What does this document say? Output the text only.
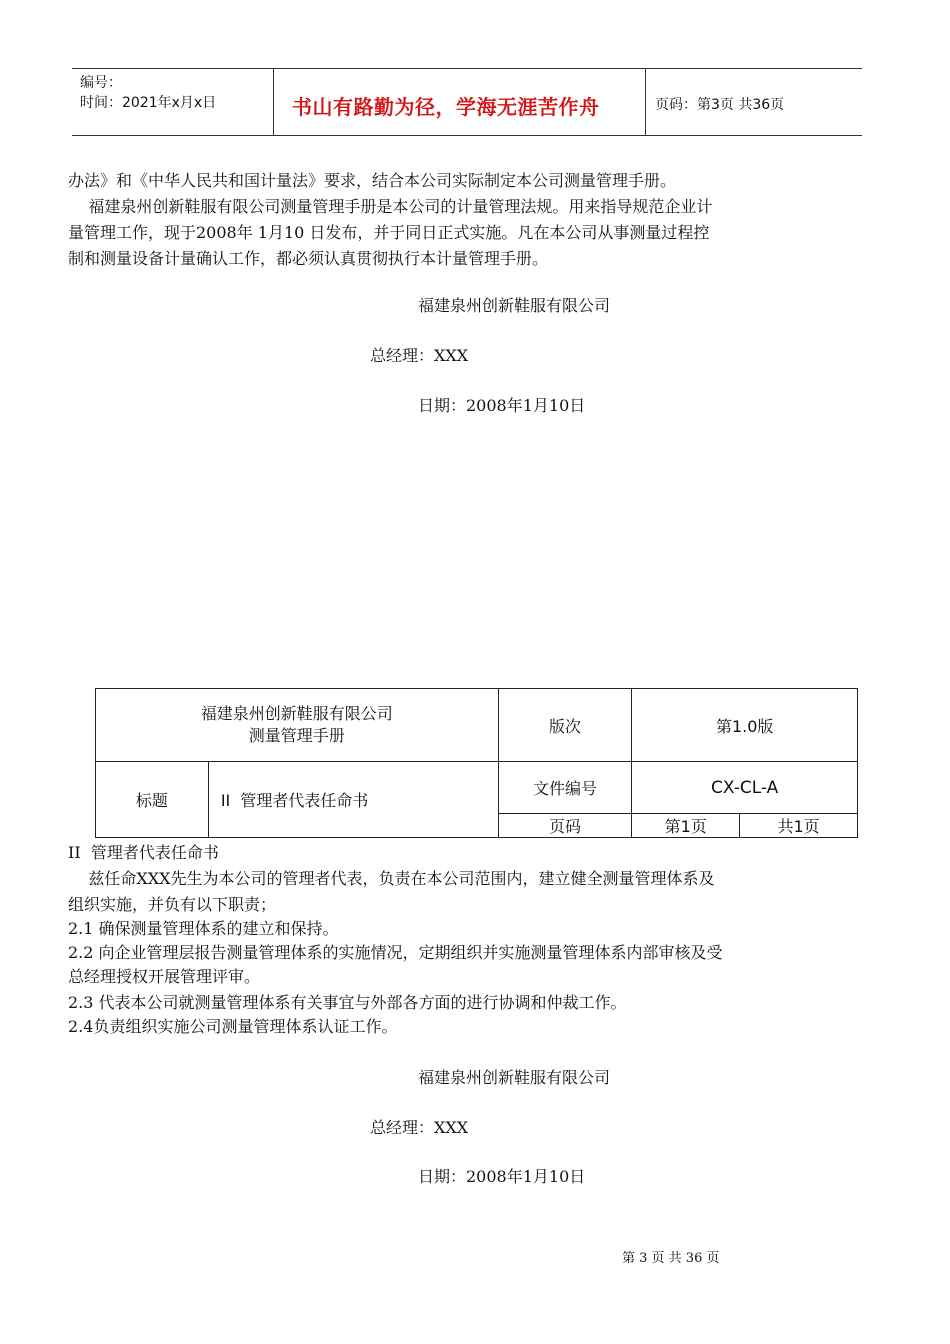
编号：
时间：2021年x月x日	书山有路勤为径，学海无涯苦作舟	页码：第3页 共36页
办法》和《中华人民共和国计量法》要求，结合本公司实际制定本公司测量管理手册。
福建泉州创新鞋服有限公司测量管理手册是本公司的计量管理法规。用来指导规范企业计
量管理工作，现于2008年 1月10 日发布，并于同日正式实施。凡在本公司从事测量过程控
制和测量设备计量确认工作，都必须认真贯彻执行本计量管理手册。
福建泉州创新鞋服有限公司
总经理：XXX
日期：2008年1月10日
福建泉州创新鞋服有限公司
测量管理手册		版次	第1.0版	
标题	II  管理者代表任命书	文件编号	CX-CL-A	
		页码	第1页	共1页
II  管理者代表任命书
兹任命XXX先生为本公司的管理者代表，负责在本公司范围内，建立健全测量管理体系及
组织实施，并负有以下职责；
2.1 确保测量管理体系的建立和保持。
2.2 向企业管理层报告测量管理体系的实施情况，定期组织并实施测量管理体系内部审核及受
总经理授权开展管理评审。
2.3 代表本公司就测量管理体系有关事宜与外部各方面的进行协调和仲裁工作。
2.4负责组织实施公司测量管理体系认证工作。
福建泉州创新鞋服有限公司
总经理：XXX
日期：2008年1月10日
第 3 页 共 36 页
